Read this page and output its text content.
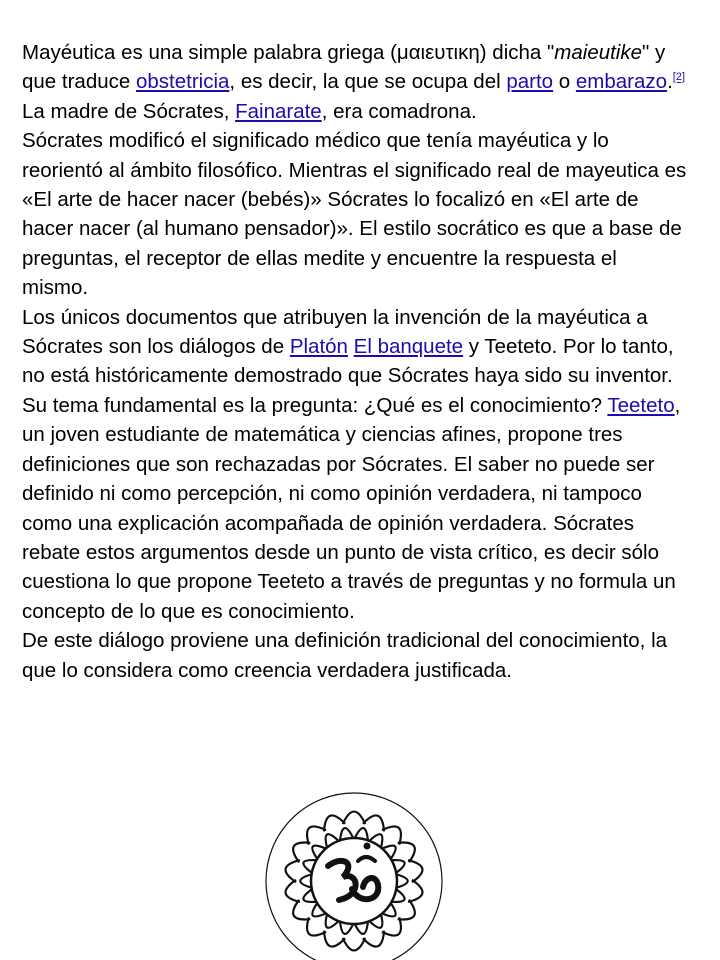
Mayéutica es una simple palabra griega (μαιευτικη) dicha "maieutike" y que traduce obstetricia, es decir, la que se ocupa del parto o embarazo.[2] La madre de Sócrates, Fainarate, era comadrona.

Sócrates modificó el significado médico que tenía mayéutica y lo reorientó al ámbito filosófico. Mientras el significado real de mayeutica es «El arte de hacer nacer (bebés)» Sócrates lo focalizó en «El arte de hacer nacer (al humano pensador)». El estilo socrático es que a base de preguntas, el receptor de ellas medite y encuentre la respuesta el mismo.

Los únicos documentos que atribuyen la invención de la mayéutica a Sócrates son los diálogos de Platón El banquete y Teeteto. Por lo tanto, no está históricamente demostrado que Sócrates haya sido su inventor.

Su tema fundamental es la pregunta: ¿Qué es el conocimiento? Teeteto, un joven estudiante de matemática y ciencias afines, propone tres definiciones que son rechazadas por Sócrates. El saber no puede ser definido ni como percepción, ni como opinión verdadera, ni tampoco como una explicación acompañada de opinión verdadera. Sócrates rebate estos argumentos desde un punto de vista crítico, es decir sólo cuestiona lo que propone Teeteto a través de preguntas y no formula un concepto de lo que es conocimiento.

De este diálogo proviene una definición tradicional del conocimiento, la que lo considera como creencia verdadera justificada.
